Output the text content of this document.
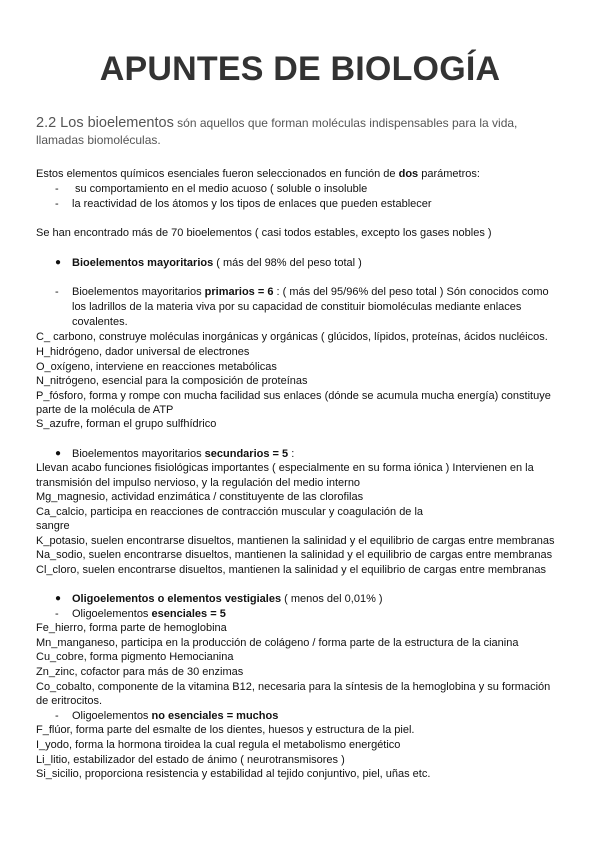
APUNTES DE BIOLOGÍA
2.2 Los bioelementos són aquellos que forman moléculas indispensables para la vida,
llamadas biomoléculas.
Estos elementos químicos esenciales fueron seleccionados en función de dos parámetros:
- su comportamiento en el medio acuoso ( soluble o insoluble
- la reactividad de los átomos y los tipos de enlaces que pueden establecer
Se han encontrado más de 70 bioelementos ( casi todos estables, excepto los gases nobles )
● Bioelementos mayoritarios ( más del 98% del peso total )
- Bioelementos mayoritarios primarios = 6 : ( más del 95/96% del peso total ) Són conocidos como
los ladrillos de la materia viva por su capacidad de constituir biomoléculas mediante enlaces
covalentes.
C_ carbono, construye moléculas inorgánicas y orgánicas ( glúcidos, lípidos, proteínas, ácidos nucléicos.
H_hidrógeno, dador universal de electrones
O_oxígeno, interviene en reacciones metabólicas
N_nitrógeno, esencial para la composición de proteínas
P_fósforo, forma y rompe con mucha facilidad sus enlaces (dónde se acumula mucha energía) constituye
parte de la molécula de ATP
S_azufre, forman el grupo sulfhídrico
● Bioelementos mayoritarios secundarios = 5 :
Llevan acabo funciones fisiológicas importantes ( especialmente en su forma iónica ) Intervienen en la
transmisión del impulso nervioso, y la regulación del medio interno
Mg_magnesio, actividad enzimática / constituyente de las clorofilas
Ca_calcio, participa en reacciones de contracción muscular y coagulación de la
sangre
K_potasio, suelen encontrarse disueltos, mantienen la salinidad y el equilibrio de cargas entre membranas
Na_sodio, suelen encontrarse disueltos, mantienen la salinidad y el equilibrio de cargas entre membranas
Cl_cloro, suelen encontrarse disueltos, mantienen la salinidad y el equilibrio de cargas entre membranas
● Oligoelementos o elementos vestigiales ( menos del 0,01% )
- Oligoelementos esenciales = 5
Fe_hierro, forma parte de hemoglobina
Mn_manganeso, participa en la producción de colágeno / forma parte de la estructura de la cianina
Cu_cobre, forma pigmento Hemocianina
Zn_zinc, cofactor para más de 30 enzimas
Co_cobalto, componente de la vitamina B12, necesaria para la síntesis de la hemoglobina y su formación
de eritrocitos.
- Oligoelementos no esenciales = muchos
F_flúor, forma parte del esmalte de los dientes, huesos y estructura de la piel.
I_yodo, forma la hormona tiroidea la cual regula el metabolismo energético
Li_litio, estabilizador del estado de ánimo ( neurotransmisores )
Si_sicilio, proporciona resistencia y estabilidad al tejido conjuntivo, piel, uñas etc.
